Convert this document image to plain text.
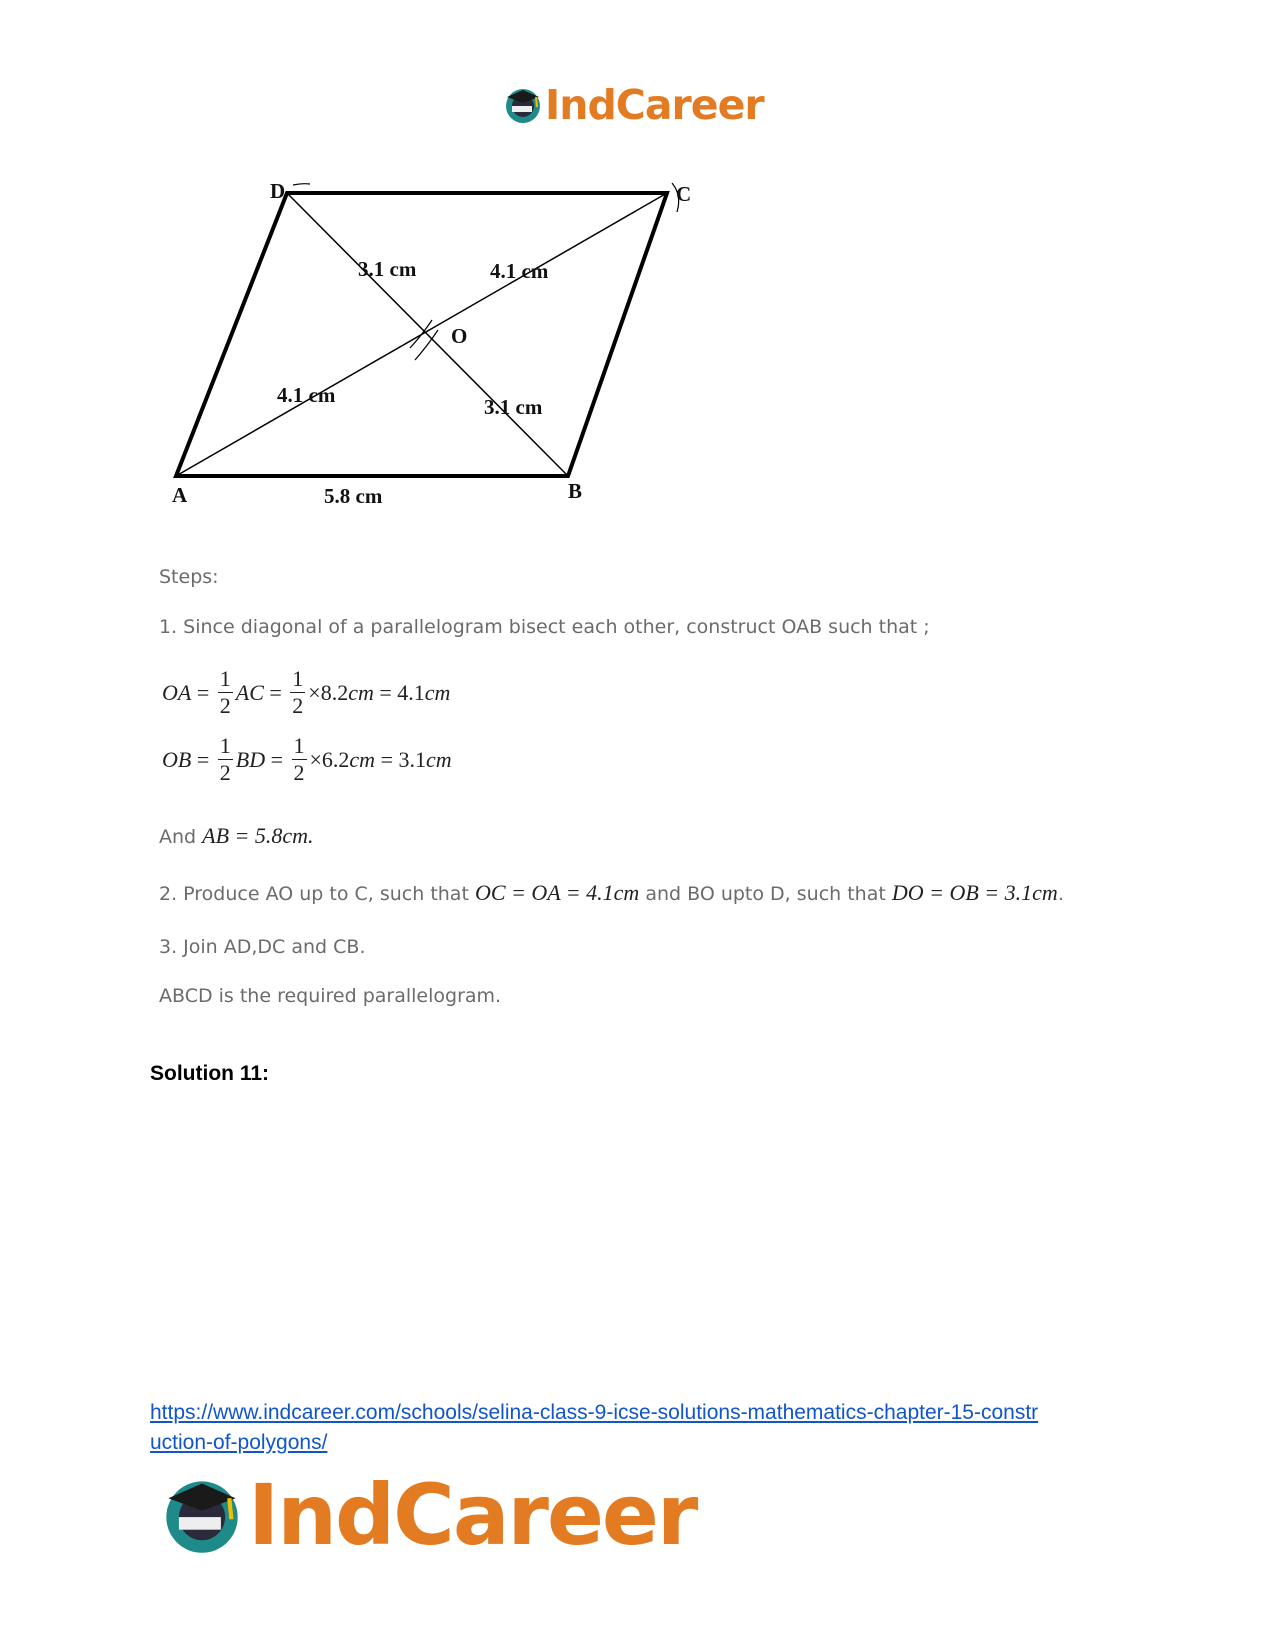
IndCareer
A	B
C
D
O
5.8 cm
3.1 cm	4.1 cm
4.1 cm	3.1 cm
Steps:
1. Since diagonal of a parallelogram bisect each other, construct OAB such that ;
OA = $\frac{1}{2}$ AC = $\frac{1}{2} \times 8.2$ cm
= 4.1 cm
OB = $\frac{1}{2}$ BD = $\frac{1}{2} \times 6.2$ cm
= 3.1 cm
And AB = 5.8cm.
2. Produce AO up to C, such that OC = OA = 4.1cm and BO upto D, such that DO = OB = 3.1cm.
3. Join AD,DC and CB.
ABCD is the required parallelogram.
Solution 11:
https://www.indcareer.com/schools/selina-class-9-icse-solutions-mathematics-chapter-15-constr
uction-of-polygons/
IndCareer
